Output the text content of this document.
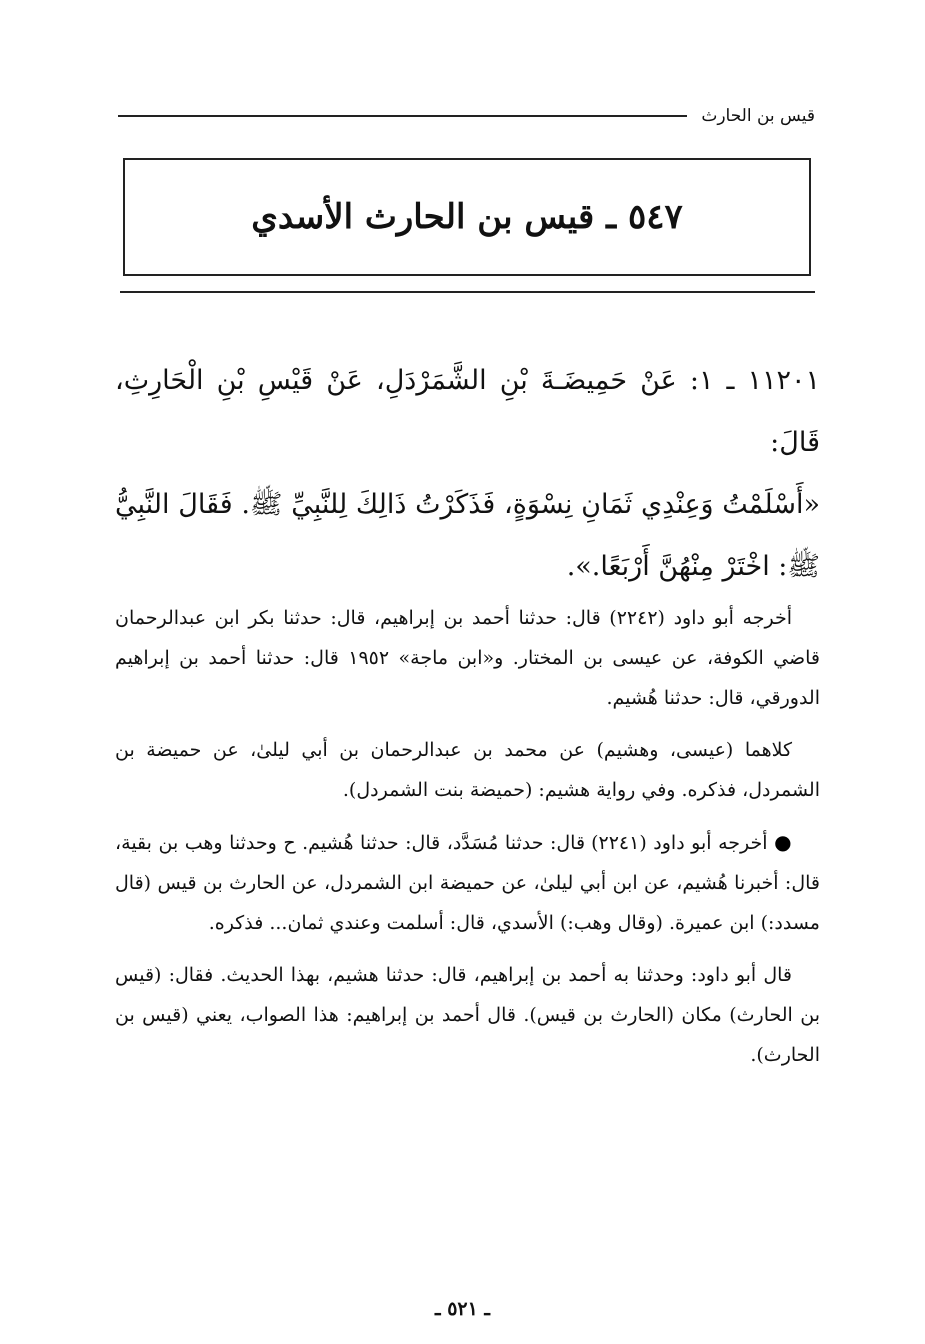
قيس بن الحارث
٥٤٧ ـ قيس بن الحارث الأسدي
١١٢٠١ ـ ١: عَنْ حَمِيضَـةَ بْنِ الشَّمَرْدَلِ، عَنْ قَيْسِ بْنِ الْحَارِثِ، قَالَ:
«أَسْلَمْتُ وَعِنْدِي ثَمَانِ نِسْوَةٍ، فَذَكَرْتُ ذَالِكَ لِلنَّبِيِّ ﷺ. فَقَالَ النَّبِيُّ ﷺ: اخْتَرْ مِنْهُنَّ أَرْبَعًا.».

أخرجه أبو داود (٢٢٤٢) قال: حدثنا أحمد بن إبراهيم، قال: حدثنا بكر ابن عبدالرحمان قاضي الكوفة، عن عيسى بن المختار. و«ابن ماجة» ١٩٥٢ قال: حدثنا أحمد بن إبراهيم الدورقي، قال: حدثنا هُشيم.

كلاهما (عيسى، وهشيم) عن محمد بن عبدالرحمان بن أبي ليلىٰ، عن حميضة بن الشمردل، فذكره. وفي رواية هشيم: (حميضة بنت الشمردل).

● أخرجه أبو داود (٢٢٤١) قال: حدثنا مُسَدَّد، قال: حدثنا هُشيم. ح وحدثنا وهب بن بقية، قال: أخبرنا هُشيم، عن ابن أبي ليلىٰ، عن حميضة ابن الشمردل، عن الحارث بن قيس (قال مسدد:) ابن عميرة. (وقال وهب:) الأسدي، قال: أسلمت وعندي ثمان... فذكره.

قال أبو داود: وحدثنا به أحمد بن إبراهيم، قال: حدثنا هشيم، بهذا الحديث. فقال: (قيس بن الحارث) مكان (الحارث بن قيس). قال أحمد بن إبراهيم: هذا الصواب، يعني (قيس بن الحارث).

ـ ٥٢١ ـ
